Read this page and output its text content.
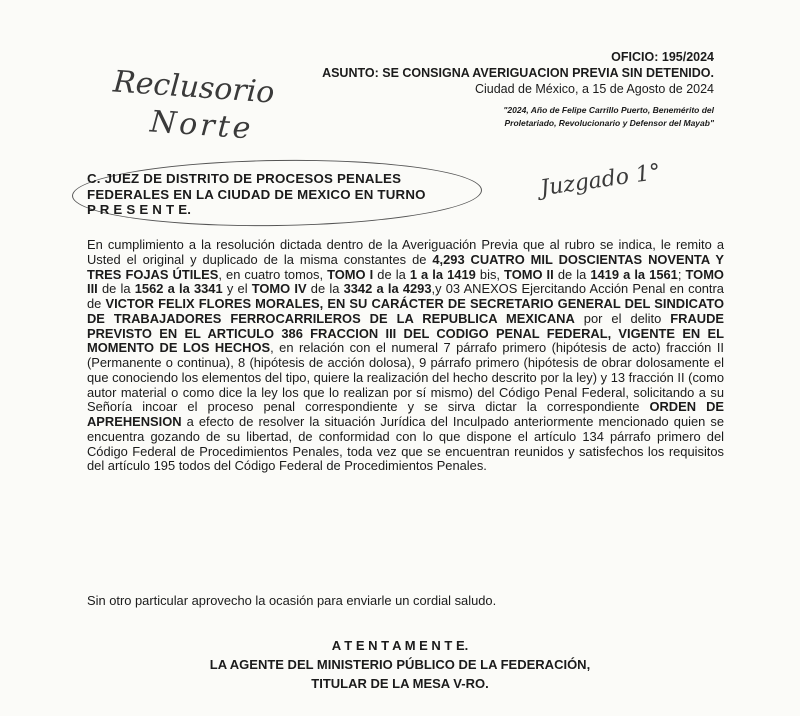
OFICIO: 195/2024
ASUNTO: SE CONSIGNA AVERIGUACION PREVIA SIN DETENIDO.
Ciudad de México, a 15 de Agosto de 2024
"2024, Año de Felipe Carrillo Puerto, Benemérito del
Proletariado, Revolucionario y Defensor del Mayab"
Reclusorio
Norte
Juzgado 1°
C. JUEZ DE DISTRITO DE PROCESOS PENALES
FEDERALES EN LA CIUDAD DE MEXICO EN TURNO
P R E S E N T E.
En cumplimiento a la resolución dictada dentro de la Averiguación Previa que al rubro se indica, le remito a Usted el original y duplicado de la misma constantes de 4,293 CUATRO MIL DOSCIENTAS NOVENTA Y TRES FOJAS ÚTILES, en cuatro tomos, TOMO I de la 1 a la 1419 bis, TOMO II de la 1419 a la 1561; TOMO III de la 1562 a la 3341 y el TOMO IV de la 3342 a la 4293,y 03 ANEXOS Ejercitando Acción Penal en contra de VICTOR FELIX FLORES MORALES, EN SU CARÁCTER DE SECRETARIO GENERAL DEL SINDICATO DE TRABAJADORES FERROCARRILEROS DE LA REPUBLICA MEXICANA por el delito FRAUDE PREVISTO EN EL ARTICULO 386 FRACCION III DEL CODIGO PENAL FEDERAL, VIGENTE EN EL MOMENTO DE LOS HECHOS, en relación con el numeral 7 párrafo primero (hipótesis de acto) fracción II (Permanente o continua), 8 (hipótesis de acción dolosa), 9 párrafo primero (hipótesis de obrar dolosamente el que conociendo los elementos del tipo, quiere la realización del hecho descrito por la ley) y 13 fracción II (como autor material o como dice la ley los que lo realizan por sí mismo) del Código Penal Federal, solicitando a su Señoría incoar el proceso penal correspondiente y se sirva dictar la correspondiente ORDEN DE APREHENSION a efecto de resolver la situación Jurídica del Inculpado anteriormente mencionado quien se encuentra gozando de su libertad, de conformidad con lo que dispone el artículo 134 párrafo primero del Código Federal de Procedimientos Penales, toda vez que se encuentran reunidos y satisfechos los requisitos del artículo 195 todos del Código Federal de Procedimientos Penales.
Sin otro particular aprovecho la ocasión para enviarle un cordial saludo.
A T E N T A M E N T E.
LA AGENTE DEL MINISTERIO PÚBLICO DE LA FEDERACIÓN,
TITULAR DE LA MESA V-RO.
